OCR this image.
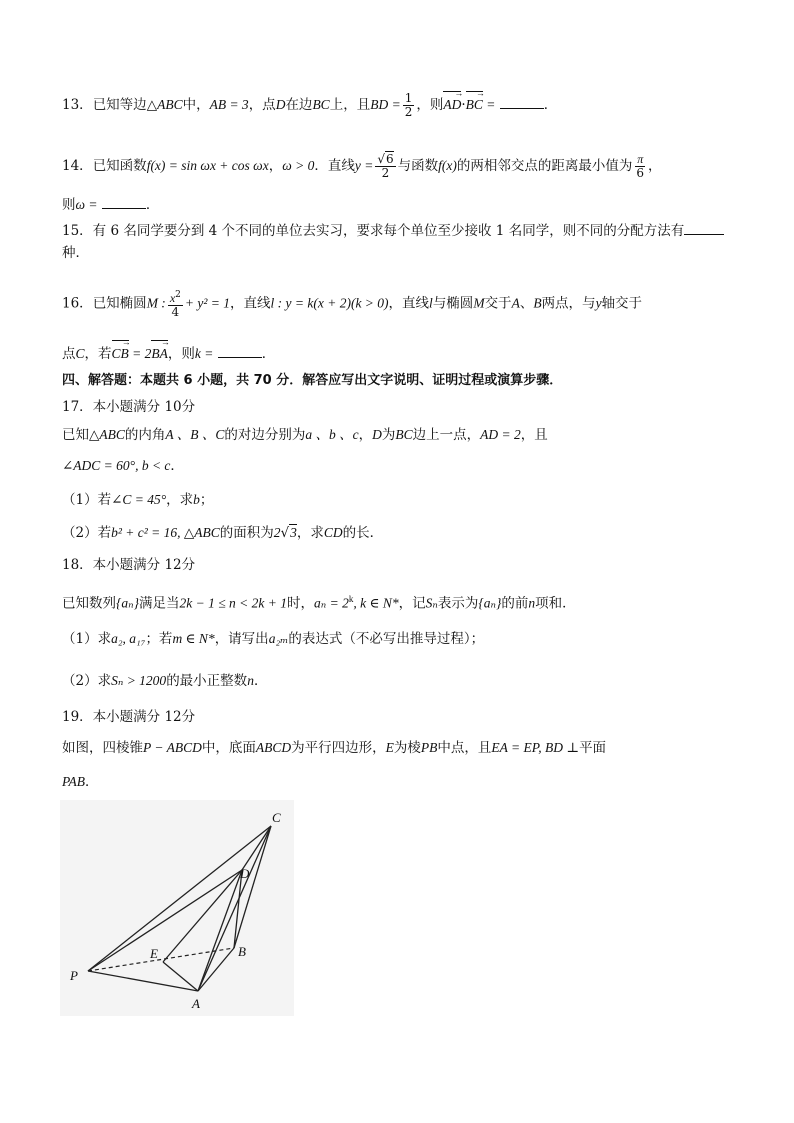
13．已知等边△ABC中，AB = 3，点D在边BC上，且BD = $\frac{1}{2}$ ，则AD →·BC → =	．
14．已知函数f(x) = sin ωx + cos ωx，ω > 0．直线$y = \frac{√6}{2}$ 与函数f(x)的两相邻交点的距离最小值为 $\frac{\pi}{6}$ ，
则ω =	．
15．有 6 名同学要分到 4 个不同的单位去实习，要求每个单位至少接收 1 名同学，则不同的分配方法有
种．
16．已知椭圆M : $\frac{x^2}{4} + y^2 = 1$，直线l : y = k(x + 2)(k > 0)，直线l与椭圆M交于A、B两点，与y轴交于
点C，若CB → = 2BA →，则k =	．
四、解答题：本题共 6 小题，共 70 分．解答应写出文字说明、证明过程或演算步骤．
17．本小题满分 10分
已知△ABC的内角A 、B 、C的对边分别为a 、b 、c，D为BC边上一点，AD = 2，且
∠ADC = 60°, b < c．
（1）若∠C = 45°，求b；
（2）若b² + c² = 16, △ABC的面积为2√3，求CD的长．
18．本小题满分 12分
已知数列{aₙ}满足当2k − 1 ≤ n < 2k + 1时，$a_n = 2^k$, k ∈ N*，记Sₙ表示为{aₙ}的前n项和．
（1）求a₂, a₁₇；若m ∈ N*，请写出a₂ₘ的表达式（不必写出推导过程）；
（2）求Sₙ > 1200的最小正整数n．
19．本小题满分 12分
如图，四棱锥P − ABCD中，底面ABCD为平行四边形，E为棱PB中点，且EA = EP, BD ⊥平面
PAB．
P
A
B
C
D
E
